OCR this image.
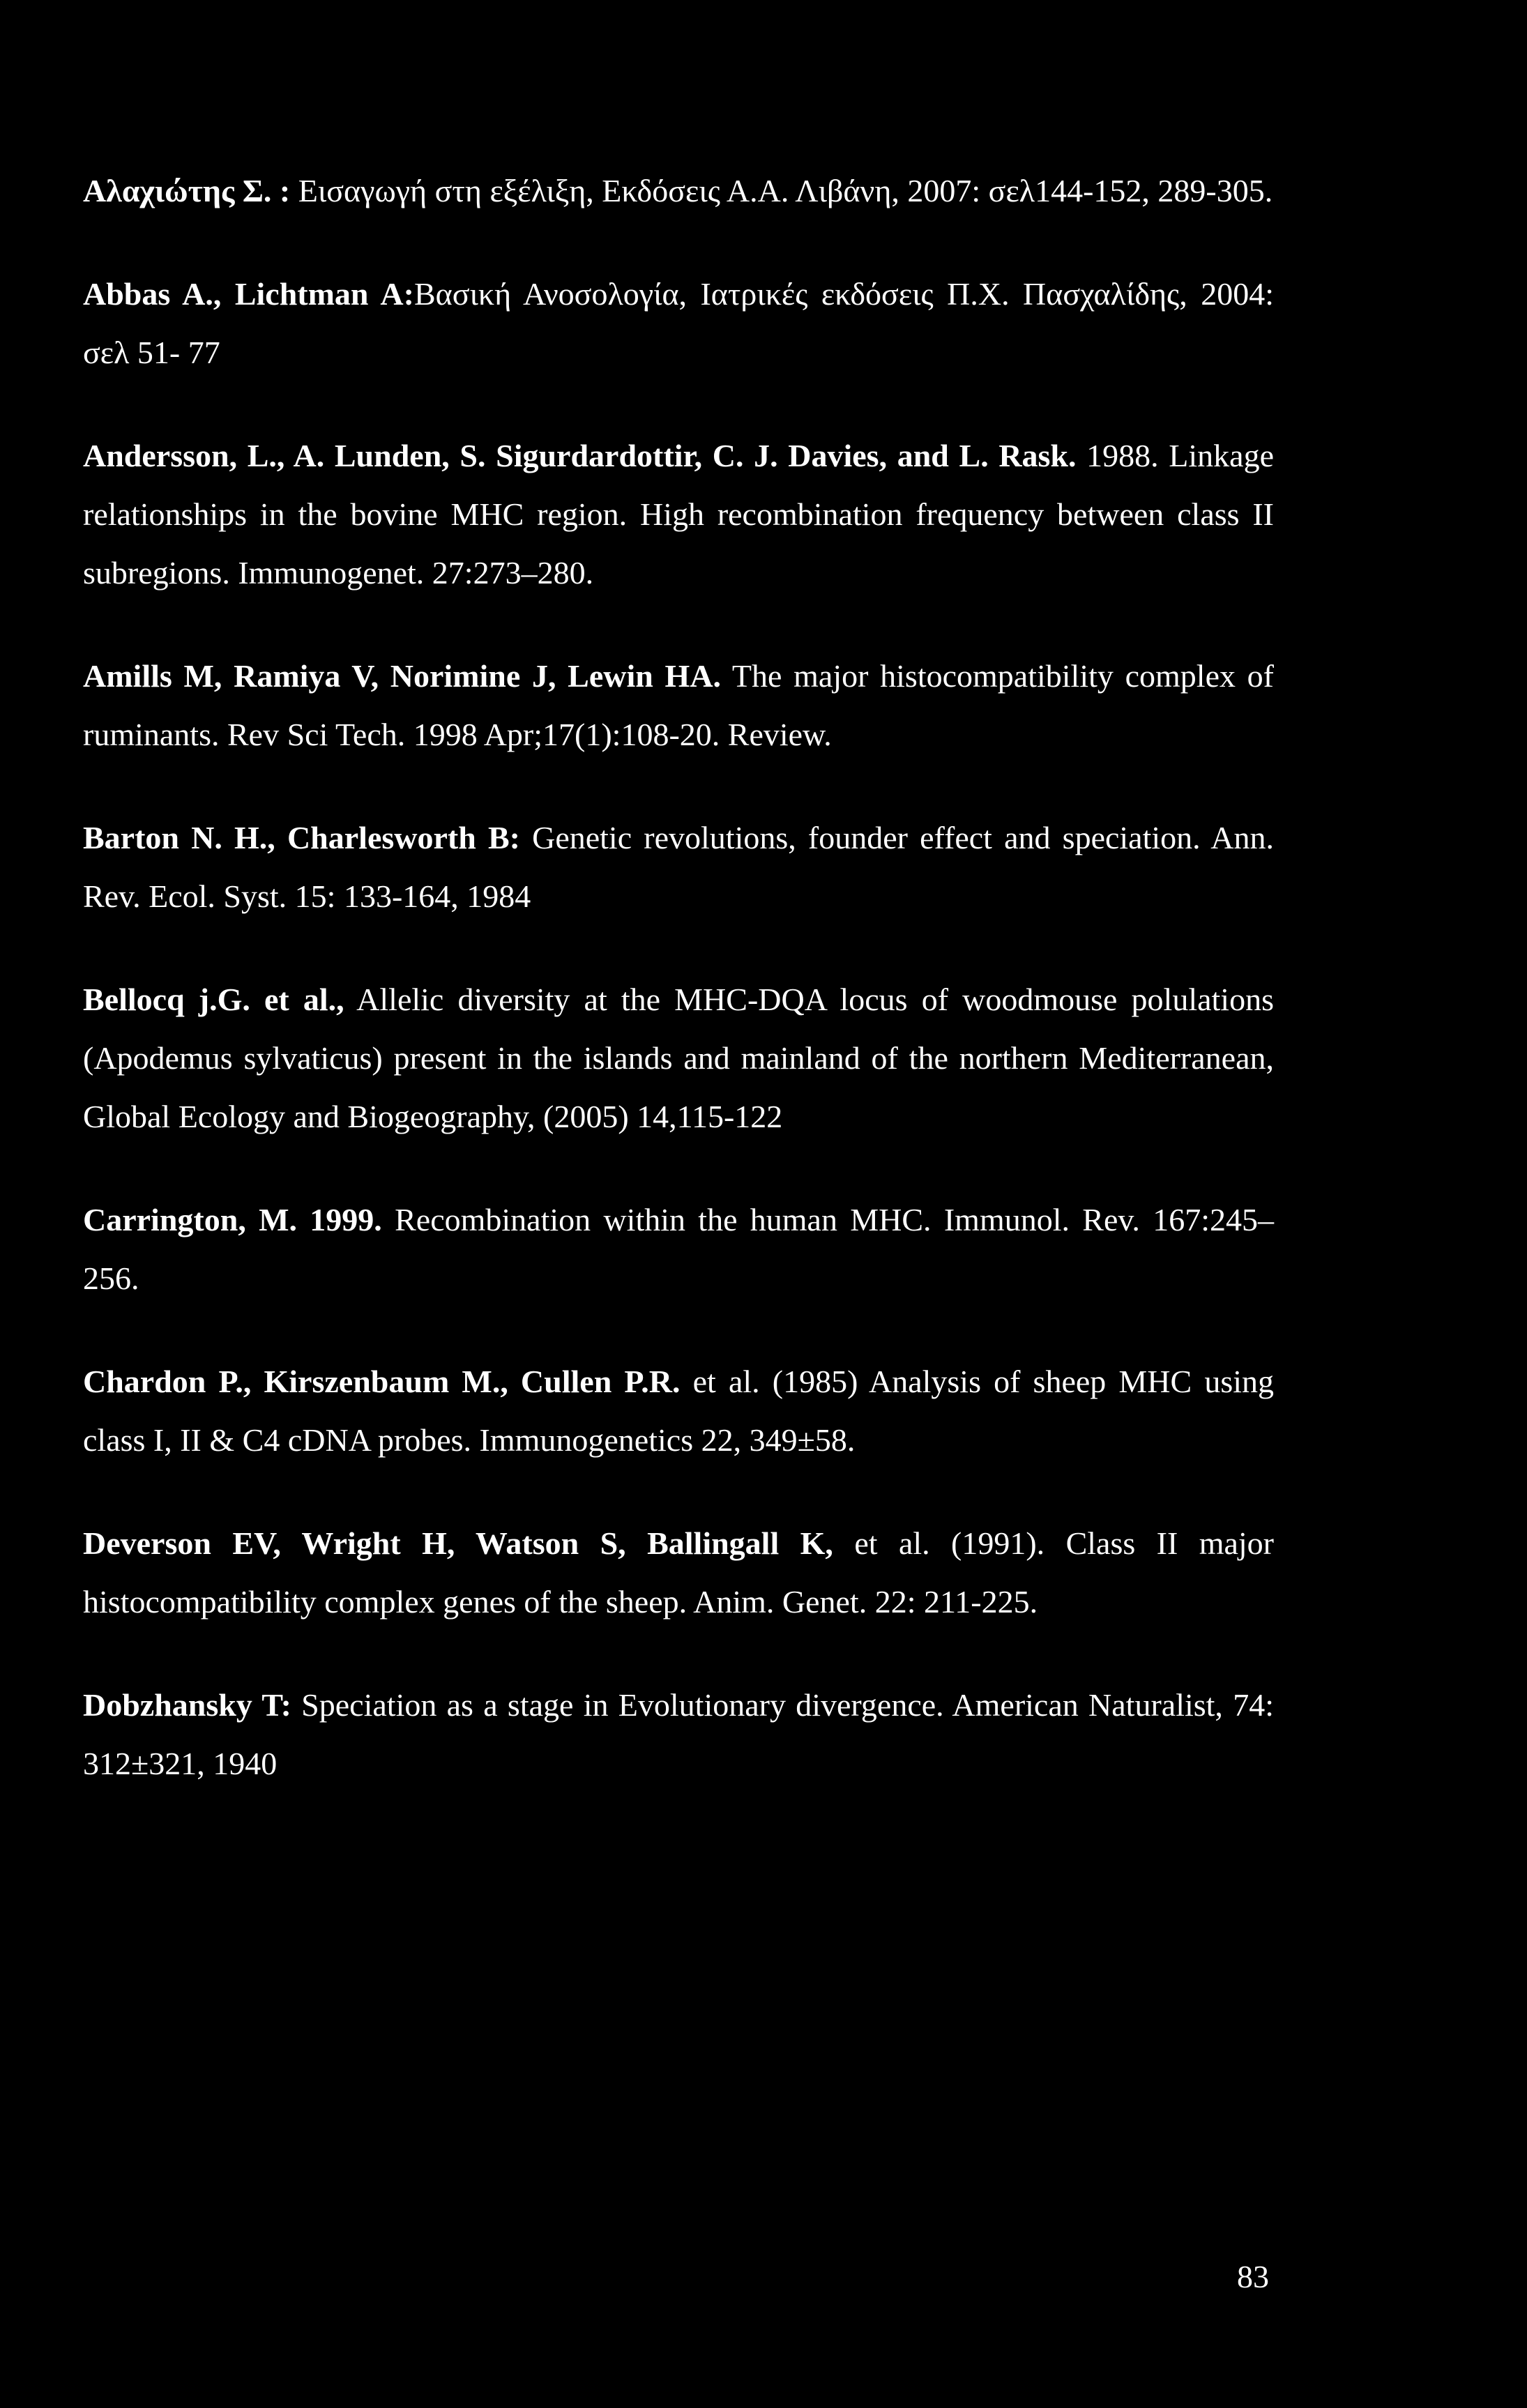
Αλαχιώτης Σ. : Εισαγωγή στη εξέλιξη, Εκδόσεις Α.Α. Λιβάνη, 2007: σελ144-152, 289-305.

Abbas A., Lichtman A:Βασική Ανοσολογία, Ιατρικές εκδόσεις Π.Χ. Πασχαλίδης, 2004: σελ 51- 77

Andersson, L., A. Lunden, S. Sigurdardottir, C. J. Davies, and L. Rask. 1988. Linkage relationships in the bovine MHC region. High recombination frequency between class II subregions. Immunogenet. 27:273–280.

Amills M, Ramiya V, Norimine J, Lewin HA. The major histocompatibility complex of ruminants. Rev Sci Tech. 1998 Apr;17(1):108-20. Review.

Barton N. H., Charlesworth B: Genetic revolutions, founder effect and speciation. Ann. Rev. Ecol. Syst. 15: 133-164, 1984

Bellocq j.G. et al., Allelic diversity at the MHC-DQA locus of woodmouse polulations (Apodemus sylvaticus) present in the islands and mainland of the northern Mediterranean, Global Ecology and Biogeography, (2005) 14,115-122

Carrington, M. 1999. Recombination within the human MHC. Immunol. Rev. 167:245–256.

Chardon P., Kirszenbaum M., Cullen P.R. et al. (1985) Analysis of sheep MHC using class I, II & C4 cDNA probes. Immunogenetics 22, 349±58.

Deverson EV, Wright H, Watson S, Ballingall K, et al. (1991). Class II major histocompatibility complex genes of the sheep. Anim. Genet. 22: 211-225.

Dobzhansky T: Speciation as a stage in Evolutionary divergence. American Naturalist, 74: 312±321, 1940

83
